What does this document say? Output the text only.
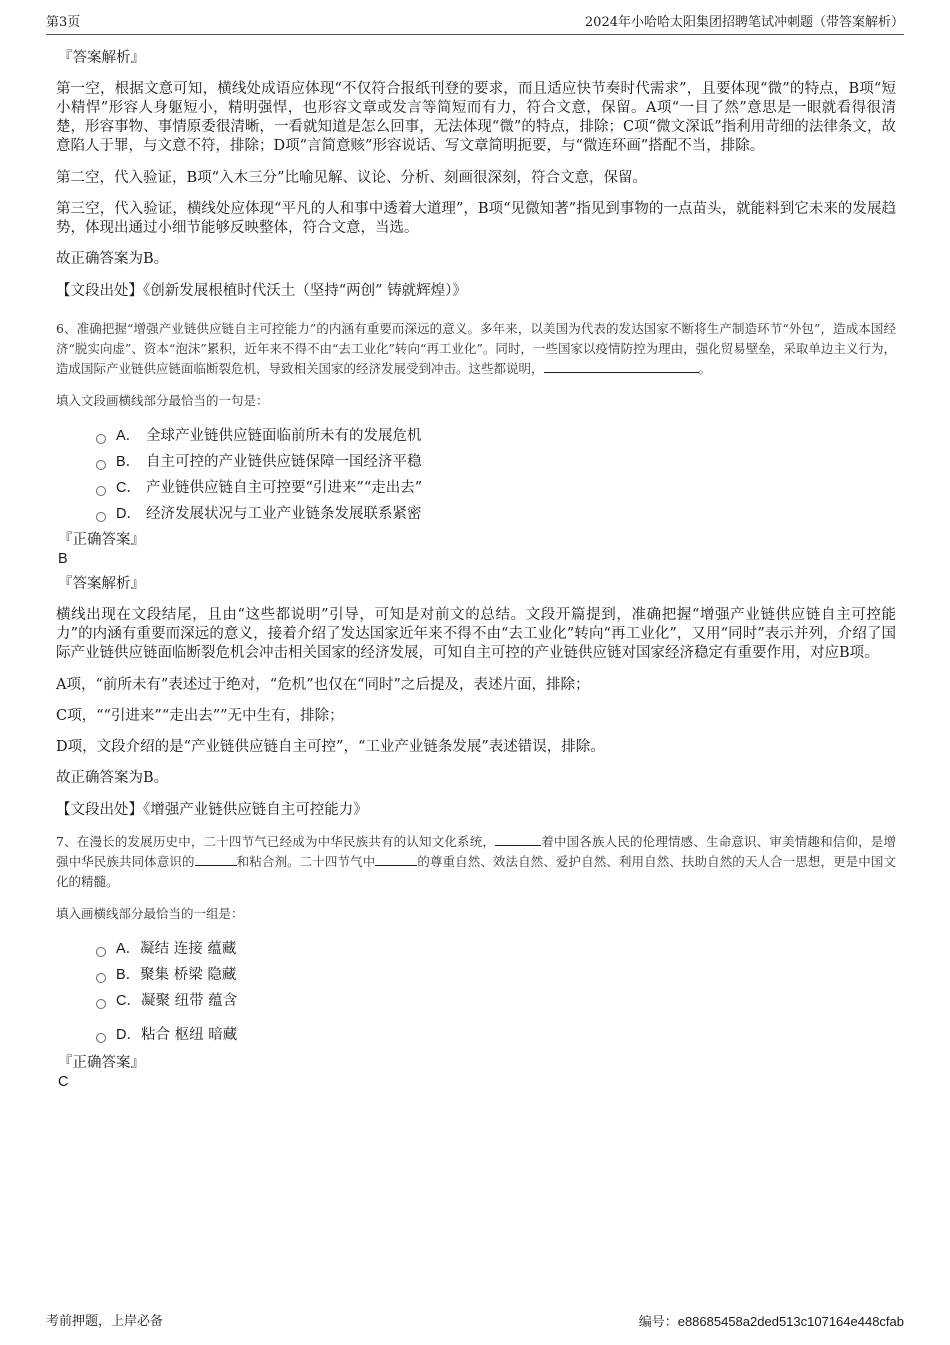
第3页	2024年小哈哈太阳集团招聘笔试冲刺题（带答案解析）
『答案解析』

第一空，根据文意可知，横线处成语应体现“不仅符合报纸刊登的要求，而且适应快节奏时代需求”，且要体现“微”的特点，B项“短小精悍”形容人身躯短小，精明强悍，也形容文章或发言等简短而有力，符合文意，保留。A项“一目了然”意思是一眼就看得很清楚，形容事物、事情原委很清晰，一看就知道是怎么回事，无法体现“微”的特点，排除；C项“微文深诋”指利用苛细的法律条文，故意陷人于罪，与文意不符，排除；D项“言简意赅”形容说话、写文章简明扼要，与“微连环画”搭配不当，排除。

第二空，代入验证，B项“入木三分”比喻见解、议论、分析、刻画很深刻，符合文意，保留。

第三空，代入验证，横线处应体现“平凡的人和事中透着大道理”，B项“见微知著”指见到事物的一点苗头，就能料到它未来的发展趋势，体现出通过小细节能够反映整体，符合文意，当选。

故正确答案为B。

【文段出处】《创新发展根植时代沃土（坚持“两创” 铸就辉煌）》

6、准确把握“增强产业链供应链自主可控能力”的内涵有重要而深远的意义。多年来，以美国为代表的发达国家不断将生产制造环节“外包”，造成本国经济“脱实向虚”、资本“泡沫”累积，近年来不得不由“去工业化”转向“再工业化”。同时，一些国家以疫情防控为理由，强化贸易壁垒，采取单边主义行为，造成国际产业链供应链面临断裂危机，导致相关国家的经济发展受到冲击。这些都说明，	。

填入文段画横线部分最恰当的一句是：

A． 全球产业链供应链面临前所未有的发展危机
B． 自主可控的产业链供应链保障一国经济平稳
C． 产业链供应链自主可控要“引进来”“走出去”
D． 经济发展状况与工业产业链条发展联系紧密
『正确答案』
B
『答案解析』

横线出现在文段结尾，且由“这些都说明”引导，可知是对前文的总结。文段开篇提到，准确把握“增强产业链供应链自主可控能力”的内涵有重要而深远的意义，接着介绍了发达国家近年来不得不由“去工业化”转向“再工业化”，又用“同时”表示并列，介绍了国际产业链供应链面临断裂危机会冲击相关国家的经济发展，可知自主可控的产业链供应链对国家经济稳定有重要作用，对应B项。

A项，“前所未有”表述过于绝对，“危机”也仅在“同时”之后提及，表述片面，排除；

C项，““引进来”“走出去””无中生有，排除；

D项，文段介绍的是“产业链供应链自主可控”，“工业产业链条发展”表述错误，排除。

故正确答案为B。

【文段出处】《增强产业链供应链自主可控能力》

7、在漫长的发展历史中，二十四节气已经成为中华民族共有的认知文化系统，	着中国各族人民的伦理情感、生命意识、审美情趣和信仰，是增强中华民族共同体意识的	和粘合剂。二十四节气中	的尊重自然、效法自然、爱护自然、利用自然、扶助自然的天人合一思想，更是中国文化的精髓。

填入画横线部分最恰当的一组是：

A． 凝结 连接 蕴藏
B． 聚集 桥梁 隐藏
C． 凝聚 纽带 蕴含
D． 粘合 枢纽 暗藏
『正确答案』
C
考前押题，上岸必备	编号：e88685458a2ded513c107164e448cfab
